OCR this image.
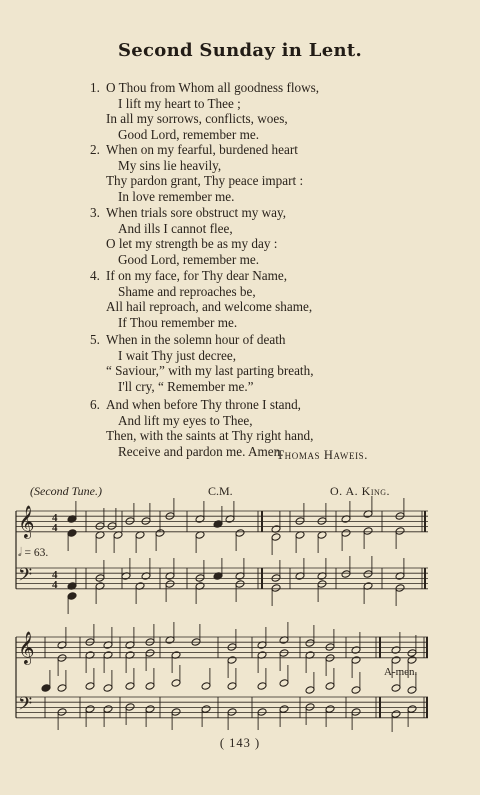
Second Sunday in Lent.
1. O Thou from Whom all goodness flows,
I lift my heart to Thee ;
In all my sorrows, conflicts, woes,
Good Lord, remember me.
2. When on my fearful, burdened heart
My sins lie heavily,
Thy pardon grant, Thy peace impart :
In love remember me.
3. When trials sore obstruct my way,
And ills I cannot flee,
O let my strength be as my day :
Good Lord, remember me.
4. If on my face, for Thy dear Name,
Shame and reproaches be,
All hail reproach, and welcome shame,
If Thou remember me.
5. When in the solemn hour of death
I wait Thy just decree,
“ Saviour,” with my last parting breath,
I'll cry, “ Remember me.”
6. And when before Thy throne I stand,
And lift my eyes to Thee,
Then, with the saints at Thy right hand,
Receive and pardon me. Amen.
Thomas Haweis.
(Second Tune.)	C.M.	O. A. King.
𝄞
𝄢
4
4
4
4
𝄞
𝄢
𝅗𝅥 = 63.
A-men.
( 143 )
